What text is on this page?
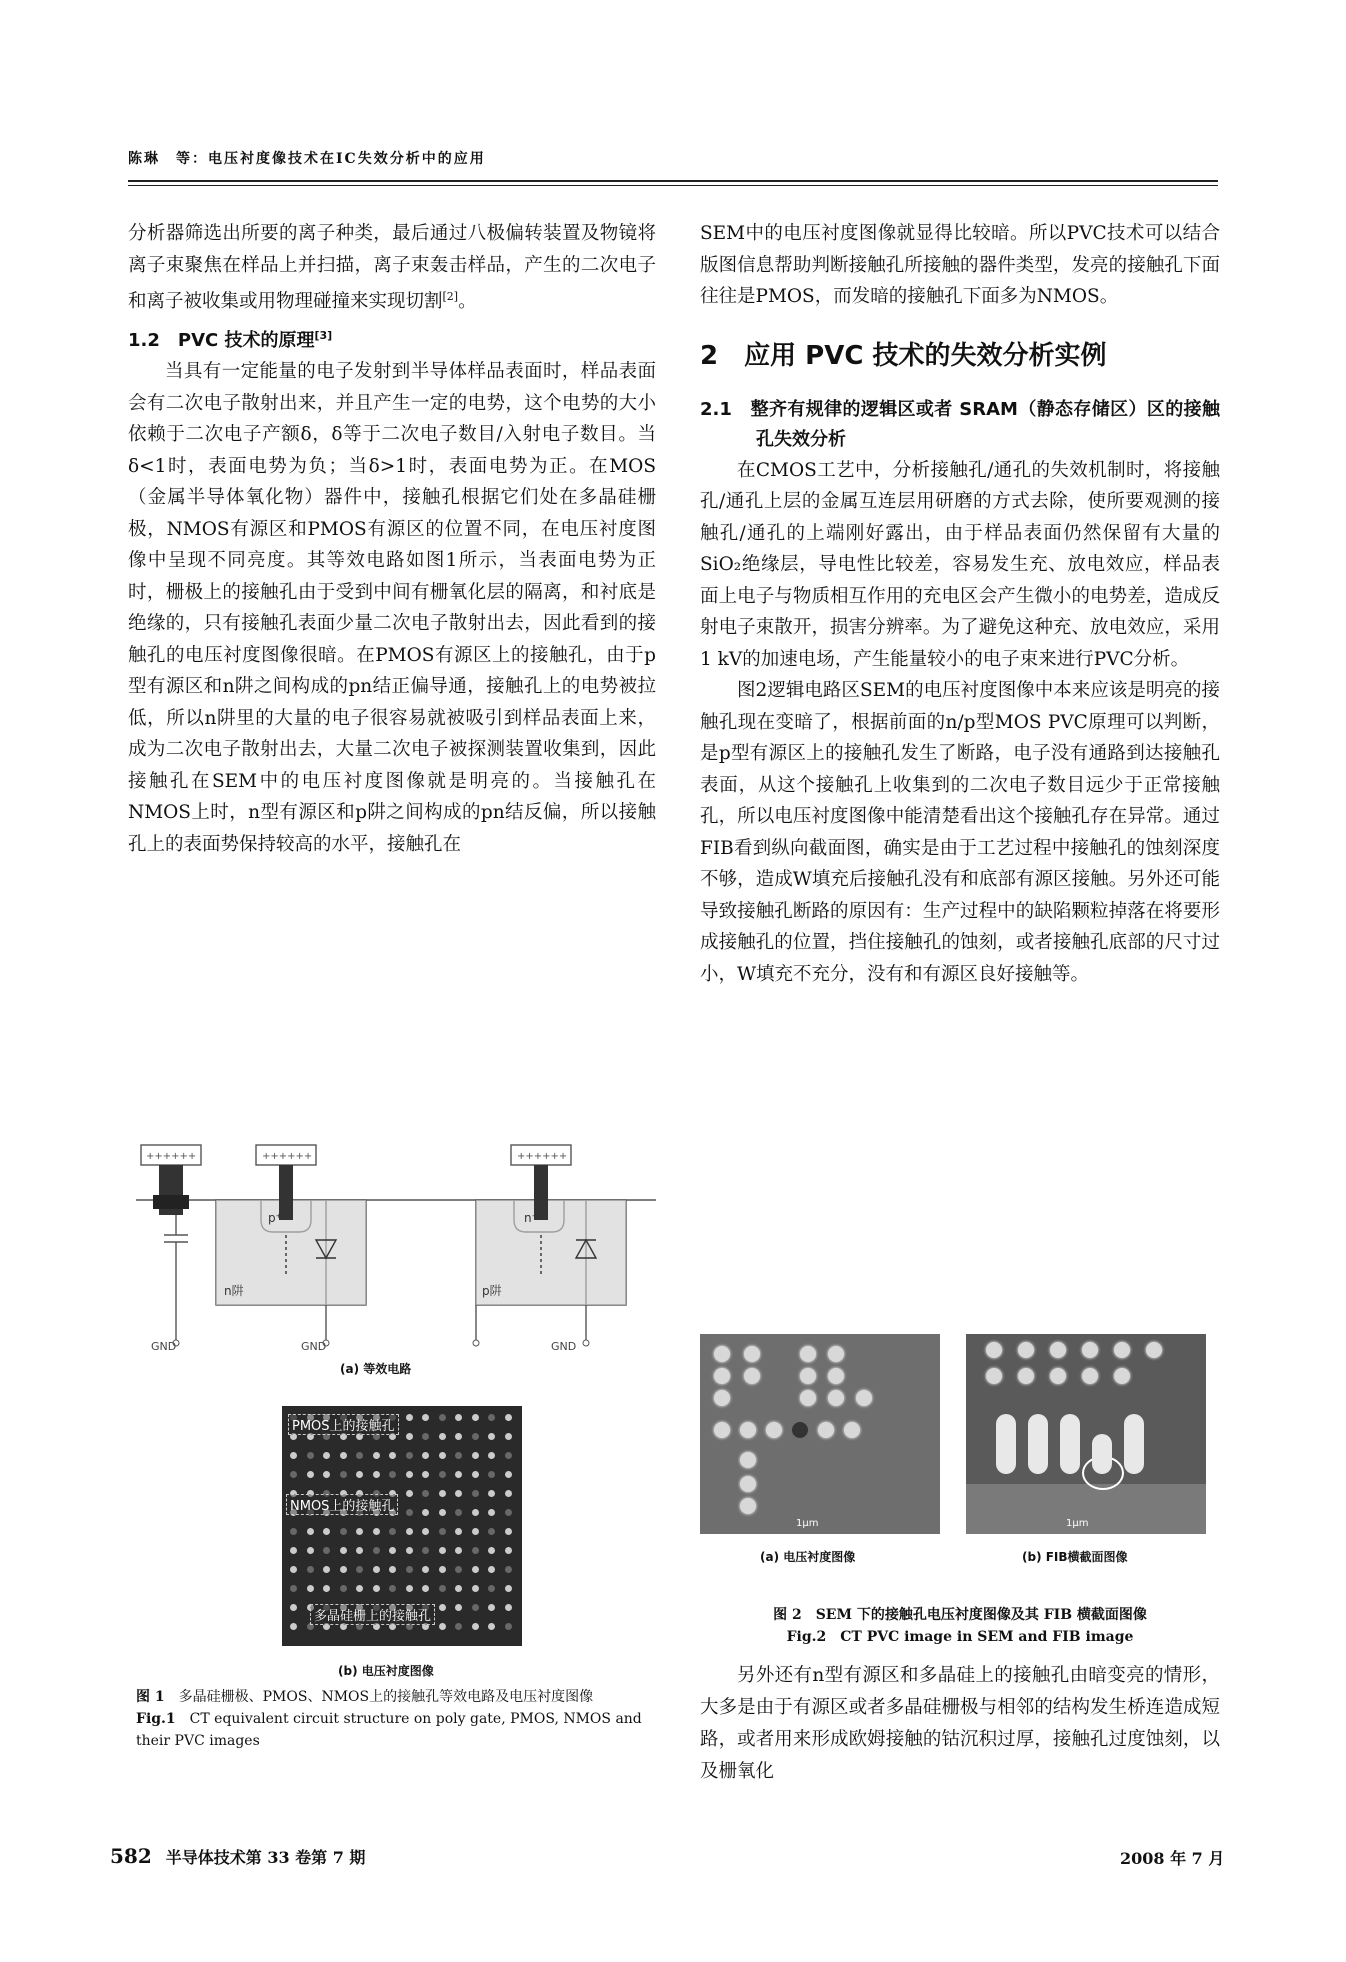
陈琳　等：电压衬度像技术在IC失效分析中的应用

分析器筛选出所要的离子种类，最后通过八极偏转装置及物镜将离子束聚焦在样品上并扫描，离子束轰击样品，产生的二次电子和离子被收集或用物理碰撞来实现切割[2]。

1.2　PVC 技术的原理[3]

当具有一定能量的电子发射到半导体样品表面时，样品表面会有二次电子散射出来，并且产生一定的电势，这个电势的大小依赖于二次电子产额δ，δ等于二次电子数目/入射电子数目。当δ<1时，表面电势为负；当δ>1时，表面电势为正。在MOS（金属半导体氧化物）器件中，接触孔根据它们处在多晶硅栅极，NMOS有源区和PMOS有源区的位置不同，在电压衬度图像中呈现不同亮度。其等效电路如图1所示，当表面电势为正时，栅极上的接触孔由于受到中间有栅氧化层的隔离，和衬底是绝缘的，只有接触孔表面少量二次电子散射出去，因此看到的接触孔的电压衬度图像很暗。在PMOS有源区上的接触孔，由于p型有源区和n阱之间构成的pn结正偏导通，接触孔上的电势被拉低，所以n阱里的大量的电子很容易就被吸引到样品表面上来，成为二次电子散射出去，大量二次电子被探测装置收集到，因此接触孔在SEM中的电压衬度图像就是明亮的。当接触孔在NMOS上时，n型有源区和p阱之间构成的pn结反偏，所以接触孔上的表面势保持较高的水平，接触孔在

++++++	++++++	++++++
p⁺	n⁺
n阱	p阱
GND	GND	GND
(a) 等效电路
PMOS上的接触孔
NMOS上的接触孔
多晶硅栅上的接触孔
(b) 电压衬度图像
图 1　 多晶硅栅极、PMOS、NMOS上的接触孔等效电路及电压衬度图像
Fig.1　 CT equivalent circuit structure on poly gate, PMOS, NMOS and their PVC images

SEM中的电压衬度图像就显得比较暗。所以PVC技术可以结合版图信息帮助判断接触孔所接触的器件类型，发亮的接触孔下面往往是PMOS，而发暗的接触孔下面多为NMOS。

2　应用 PVC 技术的失效分析实例

2.1　整齐有规律的逻辑区或者 SRAM（静态存储区）区的接触孔失效分析

在CMOS工艺中，分析接触孔/通孔的失效机制时，将接触孔/通孔上层的金属互连层用研磨的方式去除，使所要观测的接触孔/通孔的上端刚好露出，由于样品表面仍然保留有大量的SiO₂绝缘层，导电性比较差，容易发生充、放电效应，样品表面上电子与物质相互作用的充电区会产生微小的电势差，造成反射电子束散开，损害分辨率。为了避免这种充、放电效应，采用1 kV的加速电场，产生能量较小的电子束来进行PVC分析。

图2逻辑电路区SEM的电压衬度图像中本来应该是明亮的接触孔现在变暗了，根据前面的n/p型MOS PVC原理可以判断，是p型有源区上的接触孔发生了断路，电子没有通路到达接触孔表面，从这个接触孔上收集到的二次电子数目远少于正常接触孔，所以电压衬度图像中能清楚看出这个接触孔存在异常。通过FIB看到纵向截面图，确实是由于工艺过程中接触孔的蚀刻深度不够，造成W填充后接触孔没有和底部有源区接触。另外还可能导致接触孔断路的原因有：生产过程中的缺陷颗粒掉落在将要形成接触孔的位置，挡住接触孔的蚀刻，或者接触孔底部的尺寸过小，W填充不充分，没有和有源区良好接触等。

1μm	1μm
(a) 电压衬度图像	(b) FIB横截面图像
图 2　SEM 下的接触孔电压衬度图像及其 FIB 横截面图像
Fig.2　CT PVC image in SEM and FIB image

另外还有n型有源区和多晶硅上的接触孔由暗变亮的情形，大多是由于有源区或者多晶硅栅极与相邻的结构发生桥连造成短路，或者用来形成欧姆接触的钴沉积过厚，接触孔过度蚀刻，以及栅氧化

582 半导体技术第 33 卷第 7 期	2008 年 7 月
